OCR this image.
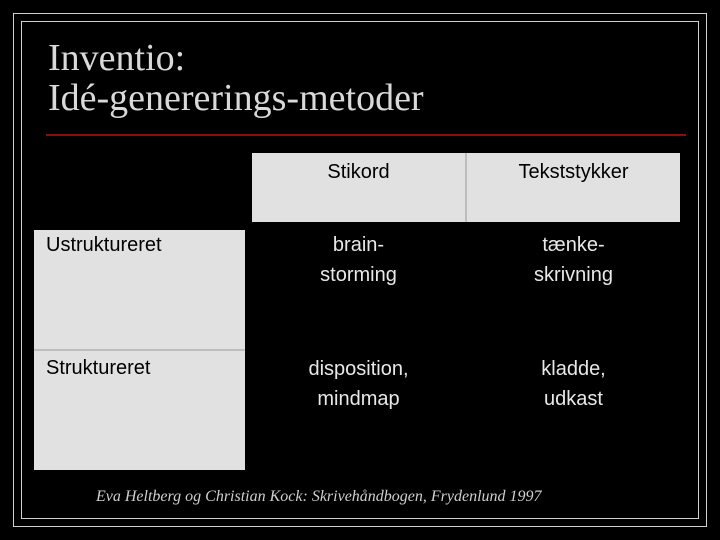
Inventio:
Idé-genererings-metoder
Stikord	Tekststykker
Ustruktureret
Struktureret
brain-
storming
tænke-
skrivning
disposition,
mindmap
kladde,
udkast
Eva Heltberg og Christian Kock: Skrivehåndbogen, Frydenlund 1997
